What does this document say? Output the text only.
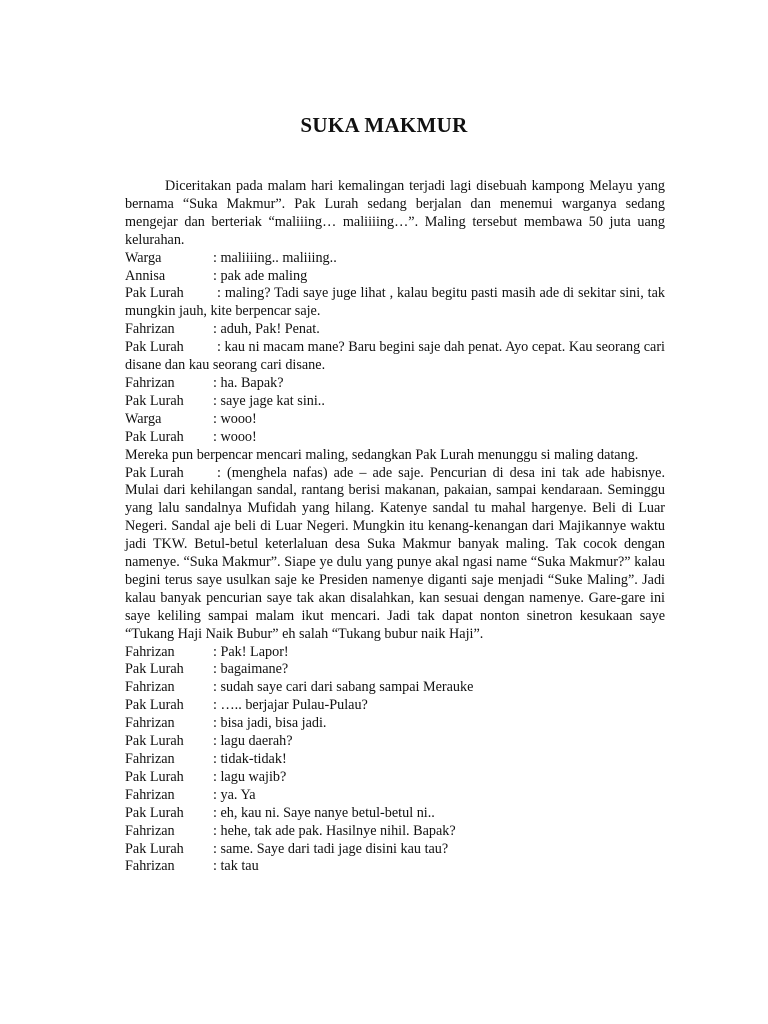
SUKA MAKMUR

Diceritakan pada malam hari kemalingan terjadi lagi disebuah kampong Melayu yang bernama “Suka Makmur”. Pak Lurah sedang berjalan dan menemui warganya sedang mengejar dan berteriak “maliiing… maliiiing…”. Maling tersebut membawa 50 juta uang kelurahan.

Warga	: maliiiing.. maliiing..

Annisa	: pak ade maling

Pak Lurah : maling? Tadi saye juge lihat , kalau begitu pasti masih ade di sekitar sini, tak mungkin jauh, kite berpencar saje.

Fahrizan	: aduh, Pak! Penat.

Pak Lurah : kau ni macam mane? Baru begini saje dah penat. Ayo cepat. Kau seorang cari disane dan kau seorang cari disane.

Fahrizan	: ha. Bapak?

Pak Lurah : saye jage kat sini..

Warga	: wooo!

Pak Lurah : wooo!

Mereka pun berpencar mencari maling, sedangkan Pak Lurah menunggu si maling datang.

Pak Lurah : (menghela nafas) ade – ade saje. Pencurian di desa ini tak ade habisnye. Mulai dari kehilangan sandal, rantang berisi makanan, pakaian, sampai kendaraan. Seminggu yang lalu sandalnya Mufidah yang hilang. Katenye sandal tu mahal hargenye. Beli di Luar Negeri. Sandal aje beli di Luar Negeri. Mungkin itu kenang-kenangan dari Majikannye waktu jadi TKW. Betul-betul keterlaluan desa Suka Makmur banyak maling. Tak cocok dengan namenye. “Suka Makmur”. Siape ye dulu yang punye akal ngasi name “Suka Makmur?” kalau begini terus saye usulkan saje ke Presiden namenye diganti saje menjadi “Suke Maling”. Jadi kalau banyak pencurian saye tak akan disalahkan, kan sesuai dengan namenye. Gare-gare ini saye keliling sampai malam ikut mencari. Jadi tak dapat nonton sinetron kesukaan saye “Tukang Haji Naik Bubur” eh salah “Tukang bubur naik Haji”.

Fahrizan	: Pak! Lapor!

Pak Lurah : bagaimane?

Fahrizan	: sudah saye cari dari sabang sampai Merauke

Pak Lurah : ….. berjajar Pulau-Pulau?

Fahrizan	: bisa jadi, bisa jadi.

Pak Lurah : lagu daerah?

Fahrizan	: tidak-tidak!

Pak Lurah : lagu wajib?

Fahrizan	: ya. Ya

Pak Lurah : eh, kau ni. Saye nanye betul-betul ni..

Fahrizan	: hehe, tak ade pak. Hasilnye nihil. Bapak?

Pak Lurah : same. Saye dari tadi jage disini kau tau?

Fahrizan	: tak tau
